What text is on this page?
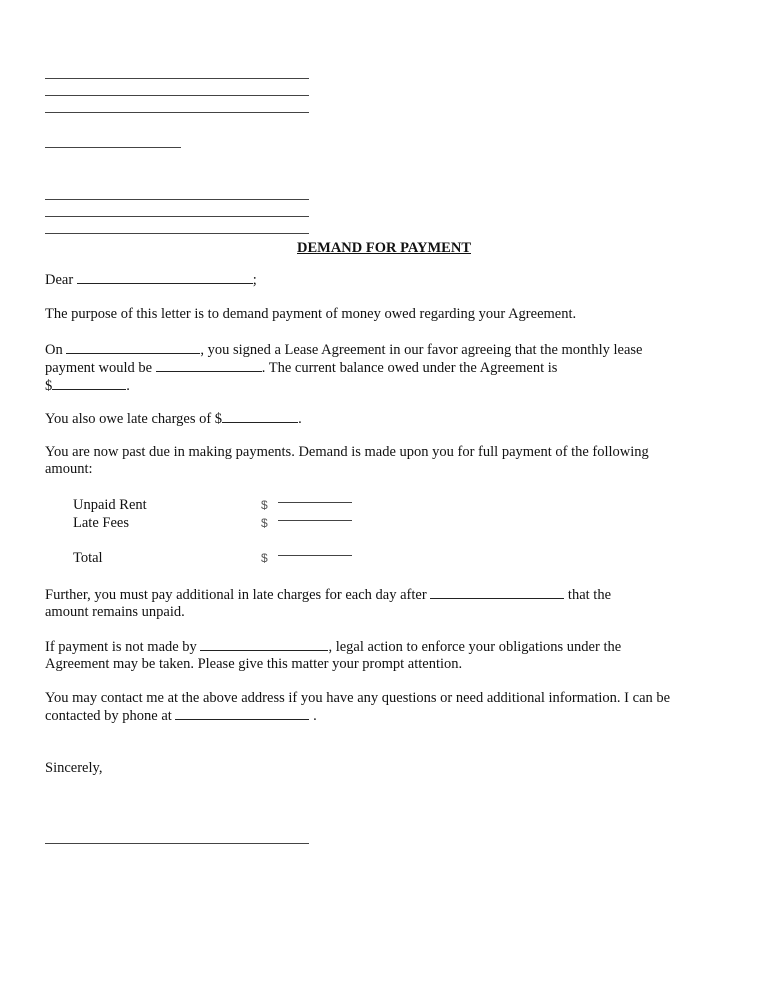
DEMAND FOR PAYMENT

Dear	;

The purpose of this letter is to demand payment of money owed regarding your Agreement.

On	, you signed a Lease Agreement in our favor agreeing that the monthly lease payment would be	. The current balance owed under the Agreement is
$	.

You also owe late charges of $	.

You are now past due in making payments. Demand is made upon you for full payment of the following amount:

Unpaid Rent	$
Late Fees	$
Total	$

Further, you must pay additional in late charges for each day after	that the amount remains unpaid.

If payment is not made by	, legal action to enforce your obligations under the Agreement may be taken. Please give this matter your prompt attention.

You may contact me at the above address if you have any questions or need additional information. I can be contacted by phone at	.

Sincerely,
